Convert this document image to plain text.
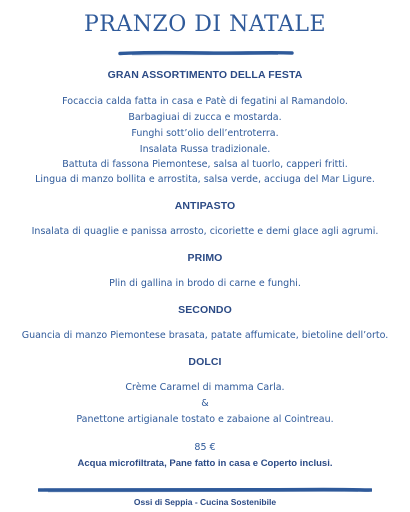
PRANZO DI NATALE
GRAN ASSORTIMENTO DELLA FESTA
Focaccia calda fatta in casa e Patè di fegatini al Ramandolo.
Barbagiuai di zucca e mostarda.
Funghi sott’olio dell’entroterra.
Insalata Russa tradizionale.
Battuta di fassona Piemontese, salsa al tuorlo, capperi fritti.
Lingua di manzo bollita e arrostita, salsa verde, acciuga del Mar Ligure.
ANTIPASTO
Insalata di quaglie e panissa arrosto, cicoriette e demi glace agli agrumi.
PRIMO
Plin di gallina in brodo di carne e funghi.
SECONDO
Guancia di manzo Piemontese brasata, patate affumicate, bietoline dell’orto.
DOLCI
Crème Caramel di mamma Carla.
&
Panettone artigianale tostato e zabaione al Cointreau.
85 €
Acqua microfiltrata, Pane fatto in casa e Coperto inclusi.
Ossi di Seppia - Cucina Sostenibile
